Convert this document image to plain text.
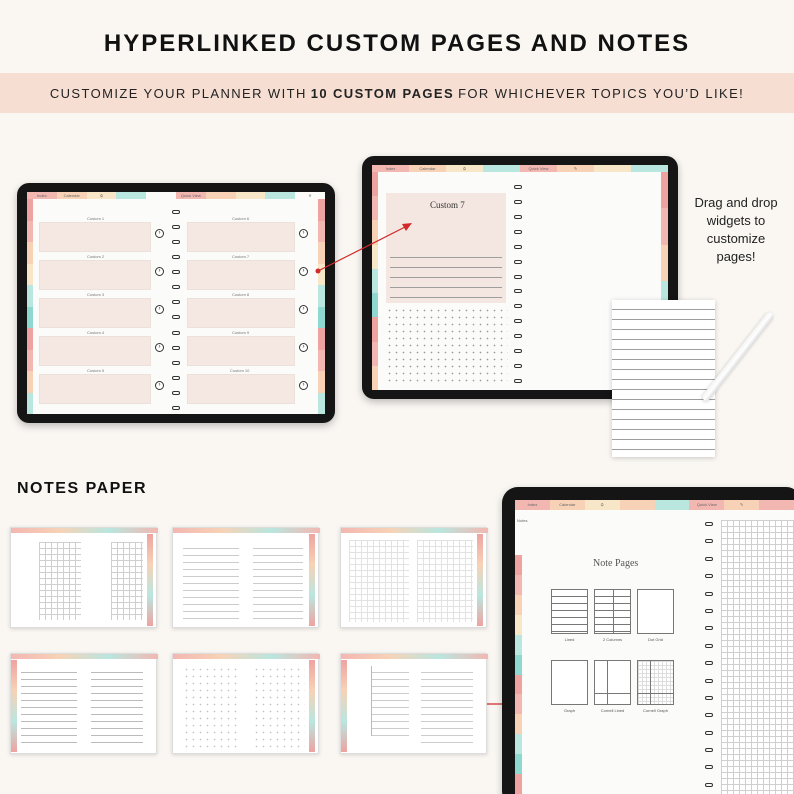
HYPERLINKED CUSTOM PAGES AND NOTES
CUSTOMIZE YOUR PLANNER WITH 10 CUSTOM PAGES FOR WHICHEVER TOPICS YOU’D LIKE!
Index	Calendar	⛭	Quick View	✕
Custom 1
›
Custom 2
›
Custom 3
›
Custom 4
›
Custom 5
›
Custom 6
›
Custom 7
›
Custom 8
›
Custom 9
›
Custom 10
›
Index	Calendar	⛭	Quick View	✎
Custom 7	Drag and drop widgets to customize pages!
NOTES PAPER
Index	Calendar	⛭	Quick View	✎
Notes
Note Pages
Lined	2 Columns	Dot Grid
Graph	Cornell Lined	Cornell Graph
